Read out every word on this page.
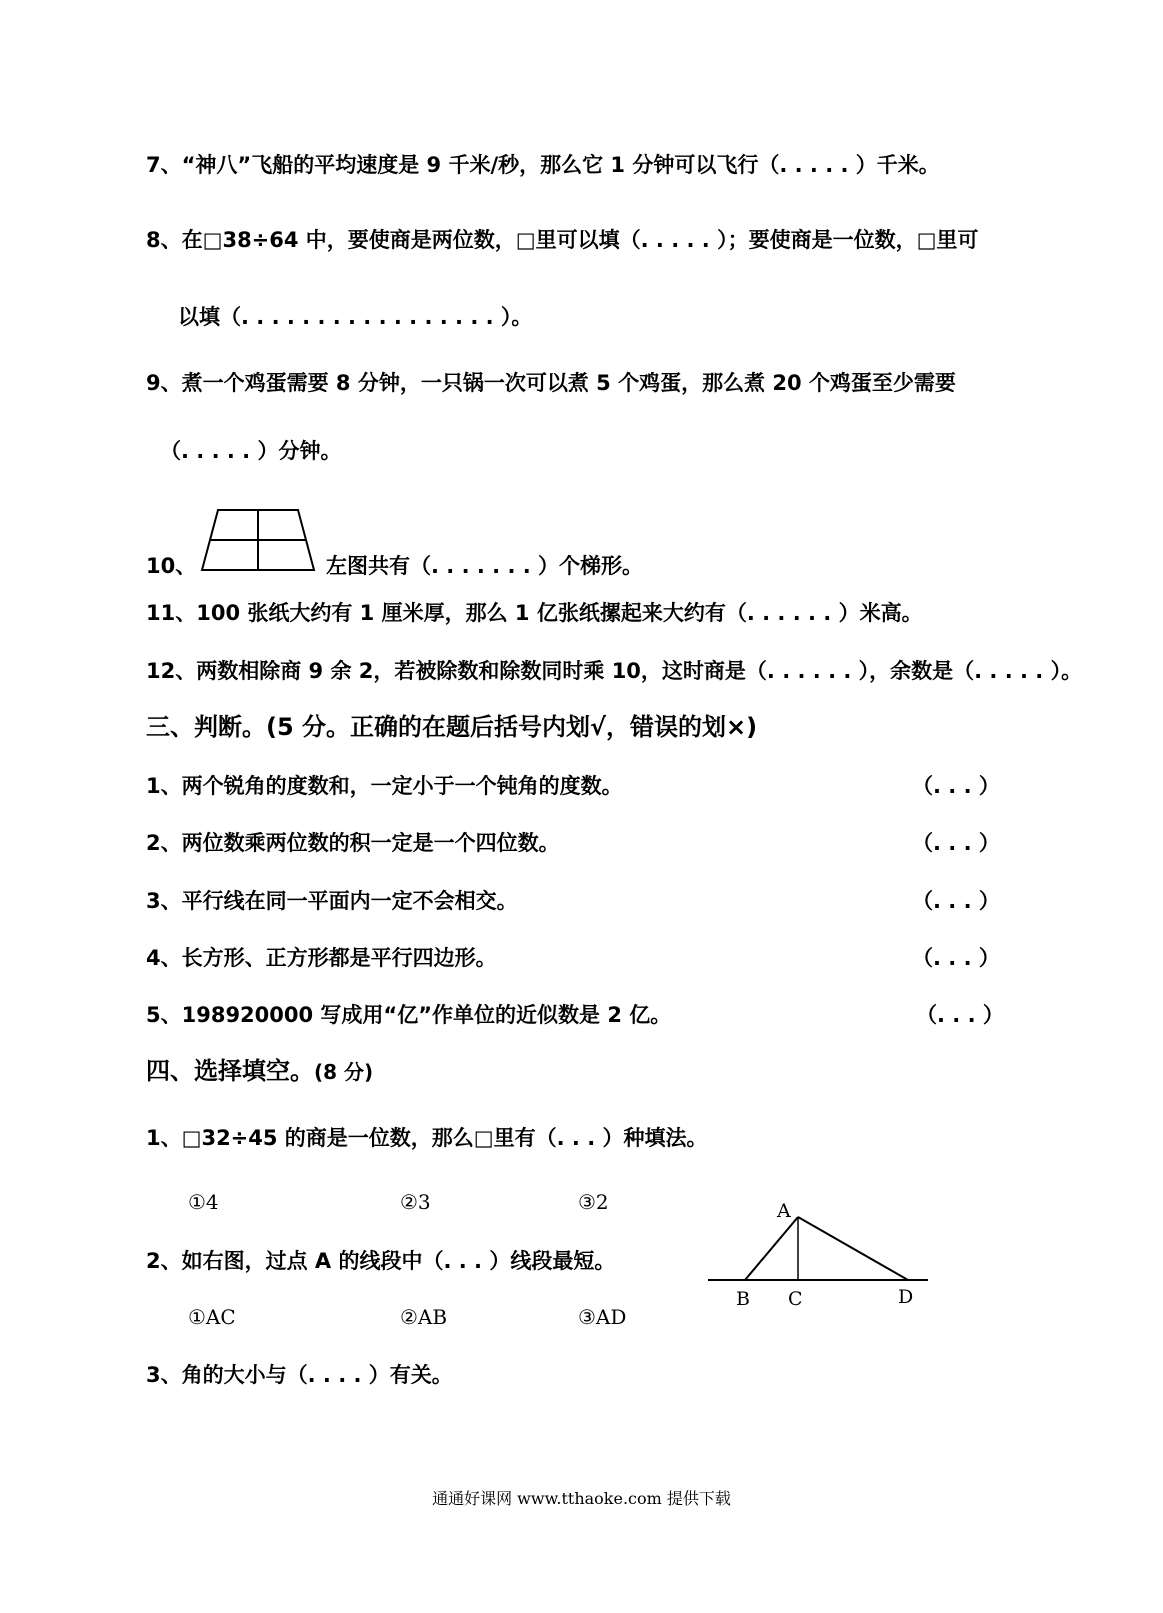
7、“神八”飞船的平均速度是 9 千米/秒，那么它 1 分钟可以飞行（. . . . . ）千米。
8、在□38÷64 中，要使商是两位数，□里可以填（. . . . . ）；要使商是一位数，□里可
以填（. . . . . . . . . . . . . . . . . ）。
9、煮一个鸡蛋需要 8 分钟，一只锅一次可以煮 5 个鸡蛋，那么煮 20 个鸡蛋至少需要
（. . . . . ）分钟。
10、	左图共有（. . . . . . . ）个梯形。
11、100 张纸大约有 1 厘米厚，那么 1 亿张纸摞起来大约有（. . . . . . ）米高。
12、两数相除商 9 余 2，若被除数和除数同时乘 10，这时商是（. . . . . . ），余数是（. . . . . ）。
三、判断。(5 分。正确的在题后括号内划√，错误的划×)
1、两个锐角的度数和，一定小于一个钝角的度数。	（. . . ）
2、两位数乘两位数的积一定是一个四位数。	（. . . ）
3、平行线在同一平面内一定不会相交。	（. . . ）
4、长方形、正方形都是平行四边形。	（. . . ）
5、198920000 写成用“亿”作单位的近似数是 2 亿。	（. . . ）
四、选择填空。(8 分)
1、□32÷45 的商是一位数，那么□里有（. . . ）种填法。
①4	②3	③2
2、如右图，过点 A 的线段中（. . . ）线段最短。
①AC	②AB	③AD
A
B C	D
3、角的大小与（. . . . ）有关。
通通好课网 www.tthaoke.com 提供下载
